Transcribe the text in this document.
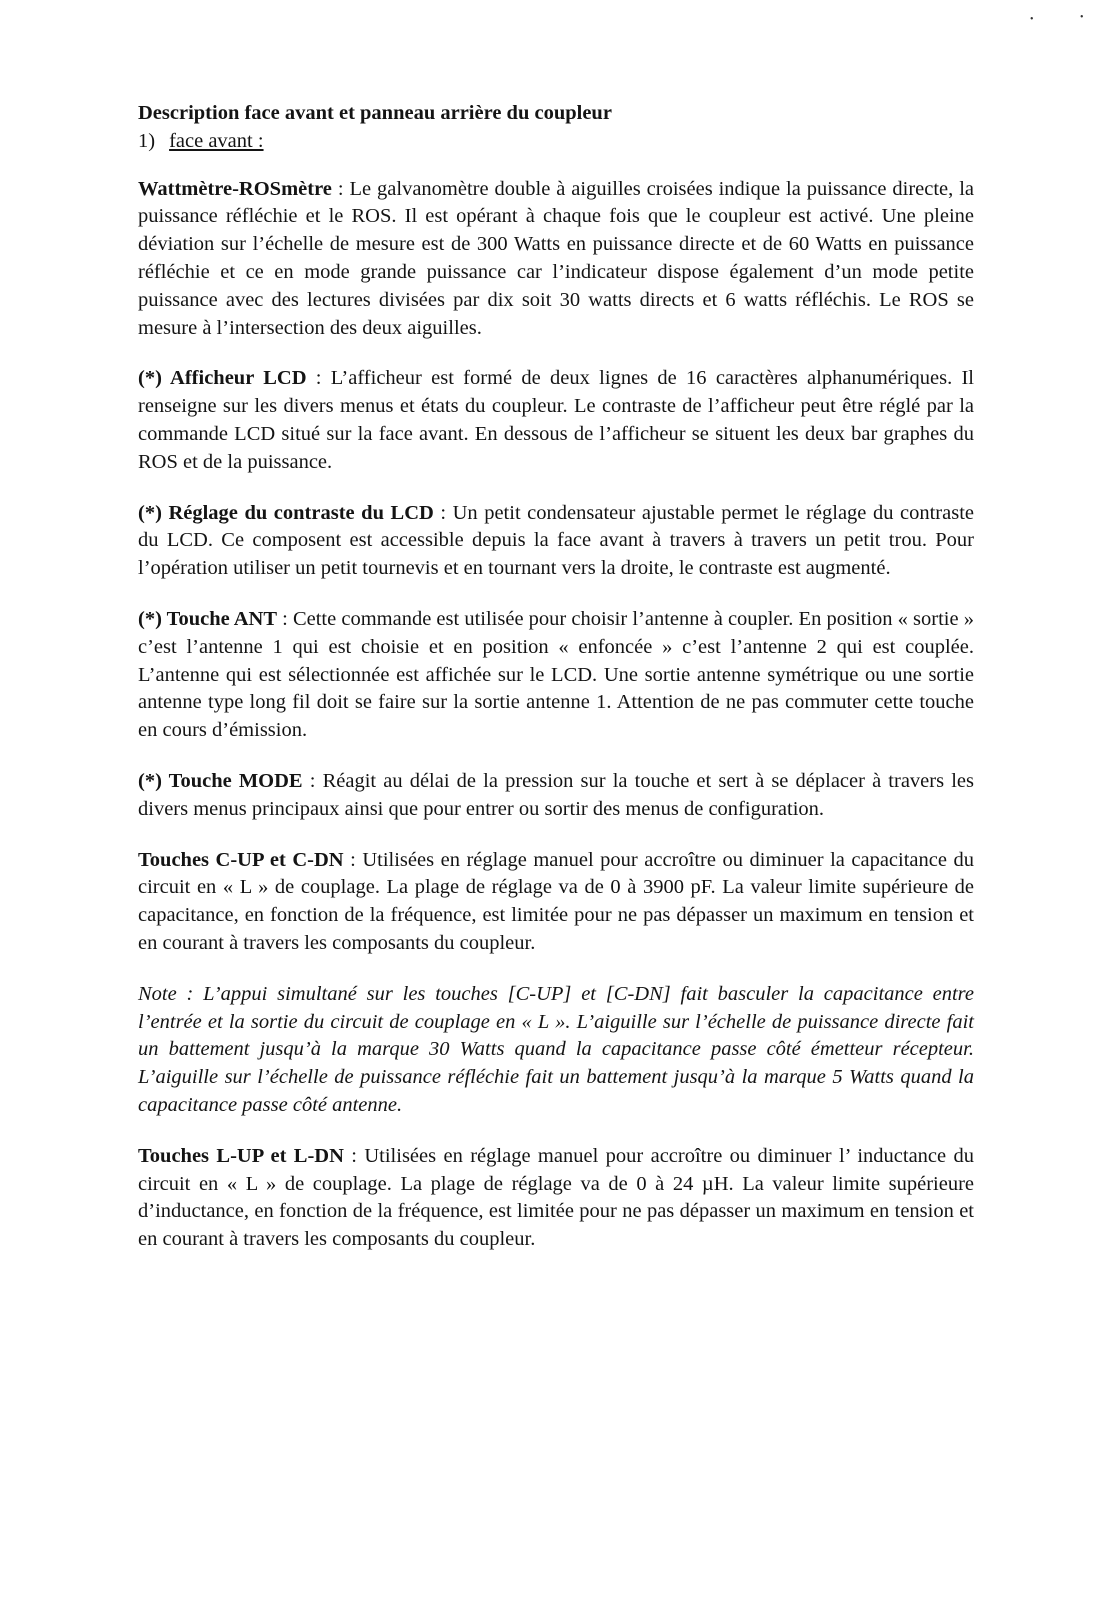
•	•

Description face avant et panneau arrière du coupleur

1) face avant :

Wattmètre-ROSmètre : Le galvanomètre double à aiguilles croisées indique la puissance directe, la puissance réfléchie et le ROS. Il est opérant à chaque fois que le coupleur est activé. Une pleine déviation sur l’échelle de mesure est de 300 Watts en puissance directe et de 60 Watts en puissance réfléchie et ce en mode grande puissance car l’indicateur dispose également d’un mode petite puissance avec des lectures divisées par dix soit 30 watts directs et 6 watts réfléchis. Le ROS se mesure à l’intersection des deux aiguilles.

(*) Afficheur LCD : L’afficheur est formé de deux lignes de 16 caractères alphanumériques. Il renseigne sur les divers menus et états du coupleur. Le contraste de l’afficheur peut être réglé par la commande LCD situé sur la face avant. En dessous de l’afficheur se situent les deux bar graphes du ROS et de la puissance.

(*) Réglage du contraste du LCD : Un petit condensateur ajustable permet le réglage du contraste du LCD. Ce composent est accessible depuis la face avant à travers à travers un petit trou. Pour l’opération utiliser un petit tournevis et en tournant vers la droite, le contraste est augmenté.

(*) Touche ANT : Cette commande est utilisée pour choisir l’antenne à coupler. En position « sortie » c’est l’antenne 1 qui est choisie et en position « enfoncée » c’est l’antenne 2 qui est couplée. L’antenne qui est sélectionnée est affichée sur le LCD. Une sortie antenne symétrique ou une sortie antenne type long fil doit se faire sur la sortie antenne 1. Attention de ne pas commuter cette touche en cours d’émission.

(*) Touche MODE : Réagit au délai de la pression sur la touche et sert à se déplacer à travers les divers menus principaux ainsi que pour entrer ou sortir des menus de configuration.

Touches C-UP et C-DN : Utilisées en réglage manuel pour accroître ou diminuer la capacitance du circuit en « L » de couplage. La plage de réglage va de 0 à 3900 pF. La valeur limite supérieure de capacitance, en fonction de la fréquence, est limitée pour ne pas dépasser un maximum en tension et en courant à travers les composants du coupleur.

Note : L’appui simultané sur les touches [C-UP] et [C-DN] fait basculer la capacitance entre l’entrée et la sortie du circuit de couplage en « L ». L’aiguille sur l’échelle de puissance directe fait un battement jusqu’à la marque 30 Watts quand la capacitance passe côté émetteur récepteur. L’aiguille sur l’échelle de puissance réfléchie fait un battement jusqu’à la marque 5 Watts quand la capacitance passe côté antenne.

Touches L-UP et L-DN : Utilisées en réglage manuel pour accroître ou diminuer l’ inductance du circuit en « L » de couplage. La plage de réglage va de 0 à 24 µH. La valeur limite supérieure d’inductance, en fonction de la fréquence, est limitée pour ne pas dépasser un maximum en tension et en courant à travers les composants du coupleur.
